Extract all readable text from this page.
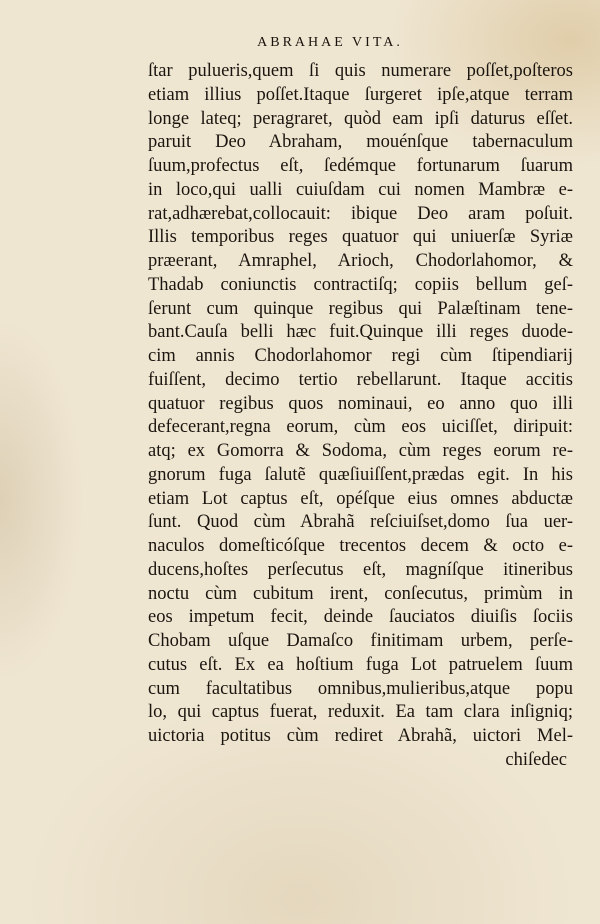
ABRAHAE VITA.
ſtar pulueris,quem ſi quis numerare poſſet,poſteros
etiam illius poſſet.Itaque ſurgeret ipſe,atque terram
longe lateq; peragraret, quòd eam ipſi daturus eſſet.
paruit Deo Abraham, mouénſque tabernaculum
ſuum,profectus eſt, ſedémque fortunarum ſuarum
in loco,qui ualli cuiuſdam cui nomen Mambræ e-
rat,adhærebat,collocauit: ibique Deo aram poſuit.
Illis temporibus reges quatuor qui uniuerſæ Syriæ
præerant, Amraphel, Arioch, Chodorlahomor, &
Thadab coniunctis contractiſq; copiis bellum geſ-
ſerunt cum quinque regibus qui Palæſtinam tene-
bant.Cauſa belli hæc fuit.Quinque illi reges duode-
cim annis Chodorlahomor regi cùm ſtipendiarij
fuiſſent, decimo tertio rebellarunt. Itaque accitis
quatuor regibus quos nominaui, eo anno quo illi
defecerant,regna eorum, cùm eos uiciſſet, diripuit:
atq; ex Gomorra & Sodoma, cùm reges eorum re-
gnorum fuga ſalutẽ quæſiuiſſent,prædas egit. In his
etiam Lot captus eſt, opéſque eius omnes abductæ
ſunt. Quod cùm Abrahã reſciuiſset,domo ſua uer-
naculos domeſticóſque trecentos decem & octo e-
ducens,hoſtes perſecutus eſt, magníſque itineribus
noctu cùm cubitum irent, conſecutus, primùm in
eos impetum fecit, deinde ſauciatos diuiſis ſociis
Chobam uſque Damaſco finitimam urbem, perſe-
cutus eſt. Ex ea hoſtium fuga Lot patruelem ſuum
cum facultatibus omnibus,mulieribus,atque popu
lo, qui captus fuerat, reduxit. Ea tam clara inſigniq;
uictoria potitus cùm rediret Abrahã, uictori Mel-
chiſedec
